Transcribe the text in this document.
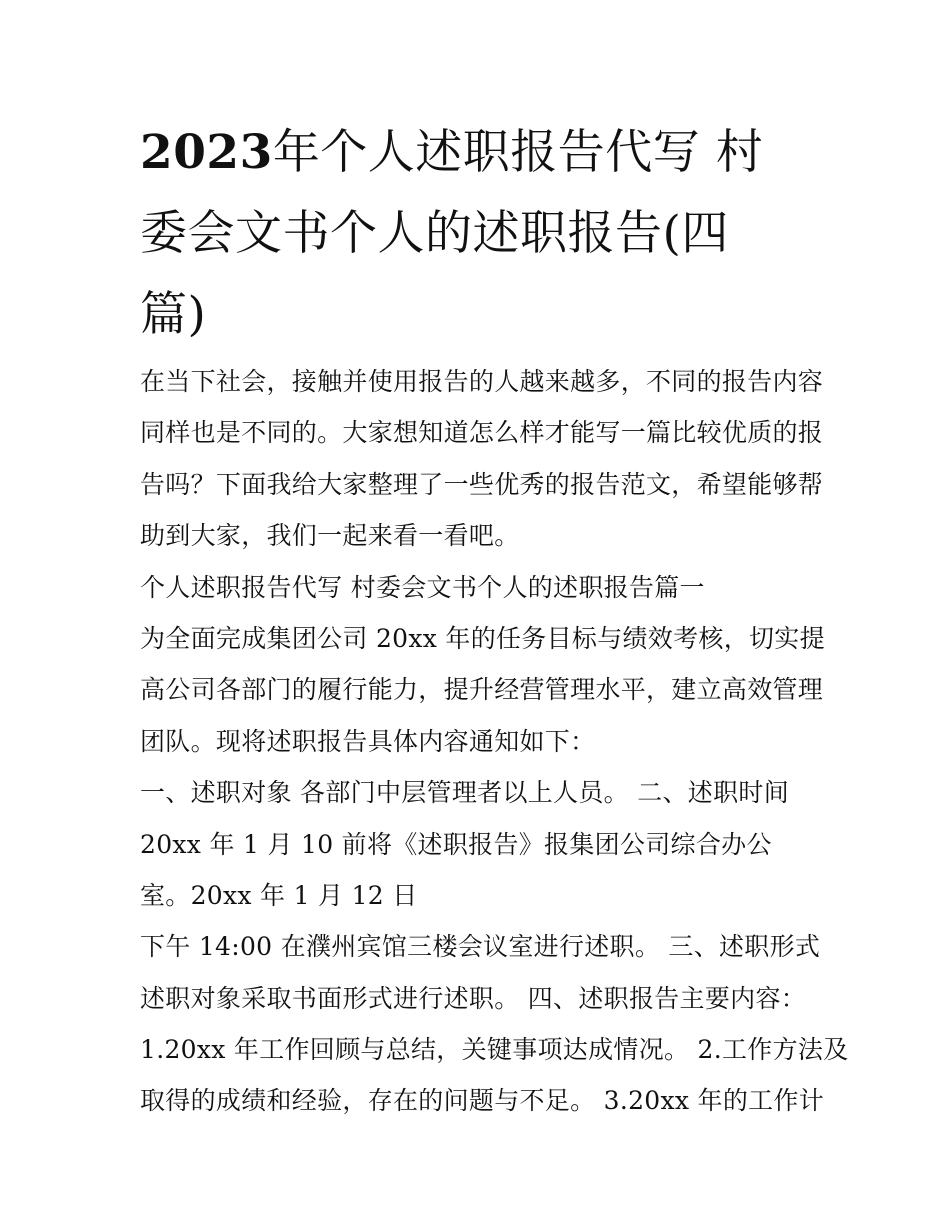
2023年个人述职报告代写 村
委会文书个人的述职报告(四
篇)
在当下社会，接触并使用报告的人越来越多，不同的报告内容
同样也是不同的。大家想知道怎么样才能写一篇比较优质的报
告吗？下面我给大家整理了一些优秀的报告范文，希望能够帮
助到大家，我们一起来看一看吧。
个人述职报告代写 村委会文书个人的述职报告篇一
为全面完成集团公司 20xx 年的任务目标与绩效考核，切实提
高公司各部门的履行能力，提升经营管理水平，建立高效管理
团队。现将述职报告具体内容通知如下：
一、述职对象 各部门中层管理者以上人员。 二、述职时间
20xx 年 1 月 10 前将《述职报告》报集团公司综合办公
室。20xx 年 1 月 12 日
下午 14:00 在濮州宾馆三楼会议室进行述职。 三、述职形式
述职对象采取书面形式进行述职。 四、述职报告主要内容：
1.20xx 年工作回顾与总结，关键事项达成情况。 2.工作方法及
取得的成绩和经验，存在的问题与不足。 3.20xx 年的工作计
